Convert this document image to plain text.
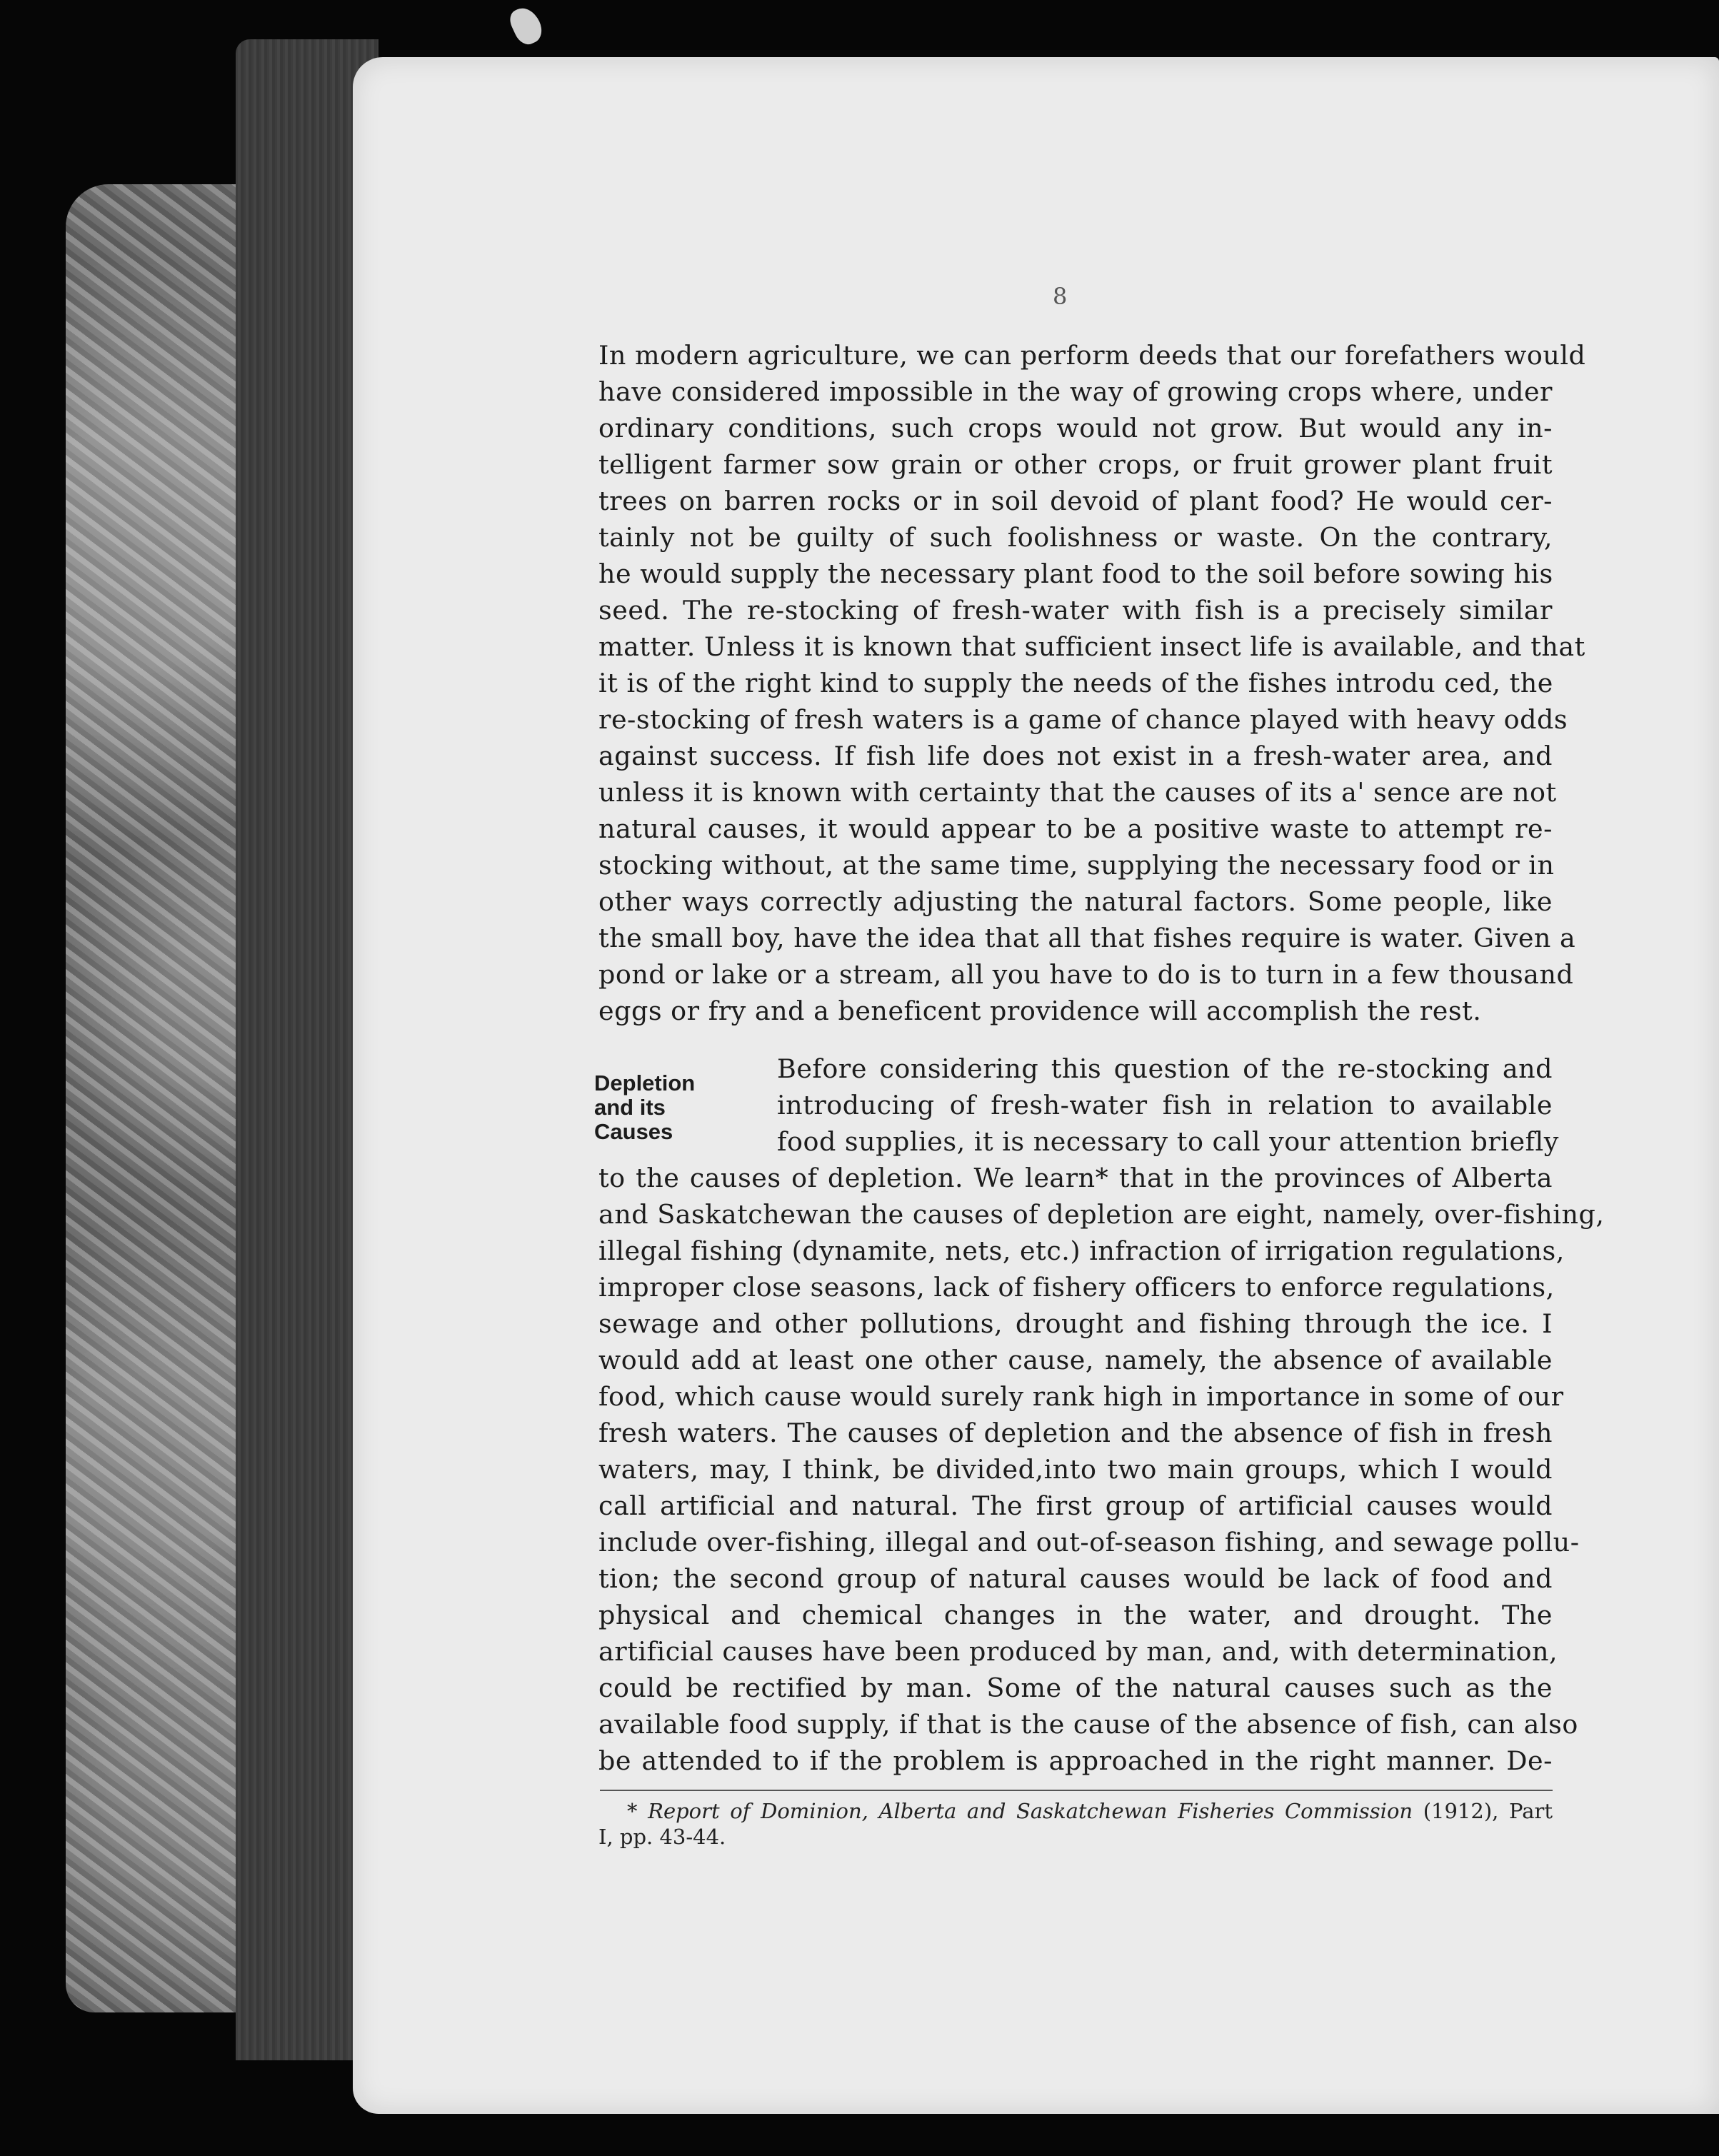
8
In modern agriculture, we can perform deeds that our forefathers would
have considered impossible in the way of growing crops where, under
ordinary conditions, such crops would not grow. But would any in-
telligent farmer sow grain or other crops, or fruit grower plant fruit
trees on barren rocks or in soil devoid of plant food? He would cer-
tainly not be guilty of such foolishness or waste. On the contrary,
he would supply the necessary plant food to the soil before sowing his
seed. The re-stocking of fresh-water with fish is a precisely similar
matter. Unless it is known that sufficient insect life is available, and that
it is of the right kind to supply the needs of the fishes introdu ced, the
re-stocking of fresh waters is a game of chance played with heavy odds
against success. If fish life does not exist in a fresh-water area, and
unless it is known with certainty that the causes of its a' sence are not
natural causes, it would appear to be a positive waste to attempt re-
stocking without, at the same time, supplying the necessary food or in
other ways correctly adjusting the natural factors. Some people, like
the small boy, have the idea that all that fishes require is water. Given a
pond or lake or a stream, all you have to do is to turn in a few thousand
eggs or fry and a beneficent providence will accomplish the rest.
Depletion
and its
Causes
Before considering this question of the re-stocking and
introducing of fresh-water fish in relation to available
food supplies, it is necessary to call your attention briefly
to the causes of depletion. We learn* that in the provinces of Alberta
and Saskatchewan the causes of depletion are eight, namely, over-fishing,
illegal fishing (dynamite, nets, etc.) infraction of irrigation regulations,
improper close seasons, lack of fishery officers to enforce regulations,
sewage and other pollutions, drought and fishing through the ice. I
would add at least one other cause, namely, the absence of available
food, which cause would surely rank high in importance in some of our
fresh waters. The causes of depletion and the absence of fish in fresh
waters, may, I think, be divided,into two main groups, which I would
call artificial and natural. The first group of artificial causes would
include over-fishing, illegal and out-of-season fishing, and sewage pollu-
tion; the second group of natural causes would be lack of food and
physical and chemical changes in the water, and drought. The
artificial causes have been produced by man, and, with determination,
could be rectified by man. Some of the natural causes such as the
available food supply, if that is the cause of the absence of fish, can also
be attended to if the problem is approached in the right manner. De-
* Report of Dominion, Alberta and Saskatchewan Fisheries Commission (1912), Part
I, pp. 43-44.
